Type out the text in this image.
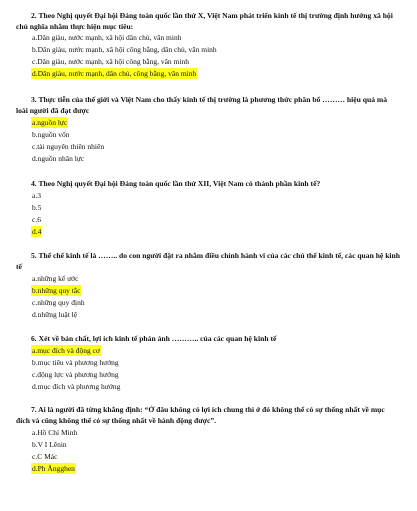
2. Theo Nghị quyết Đại hội Đảng toàn quốc lần thứ X, Việt Nam phát triển kinh tế thị trường định hướng xã hội chủ nghĩa nhằm thực hiện mục tiêu:
a.Dân giàu, nước mạnh, xã hội dân chủ, văn minh
b.Dân giàu, nước mạnh, xã hội công bằng, dân chủ, văn minh
c.Dân giàu, nước mạnh, xã hội công bằng, văn minh
d.Dân giàu, nước mạnh, dân chủ, công bằng, văn minh
3. Thực tiễn của thế giới và Việt Nam cho thấy kinh tế thị trường là phương thức phân bổ ……… hiệu quả mà loài người đã đạt được
a.nguồn lực
b.nguồn vốn
c.tài nguyên thiên nhiên
d.nguồn nhân lực
4. Theo Nghị quyết Đại hội Đảng toàn quốc lần thứ XII, Việt Nam có thành phần kinh tế?
a.3
b.5
c.6
d.4
5. Thể chế kinh tế là …….. do con người đặt ra nhằm điều chỉnh hành vi của các chủ thể kinh tế, các quan hệ kinh tế
a.những kế ước
b.những quy tắc
c.những quy định
d.những luật lệ
6. Xét về bản chất, lợi ích kinh tế phản ánh ……….. của các quan hệ kinh tế
a.mục đích và động cơ
b.mục tiêu và phương hướng
c.động lực và phương hướng
d.mục đích và phương hướng
7. Ai là người đã từng khẳng định: “Ở đâu không có lợi ích chung thì ở đó không thể có sự thống nhất về mục đích và cũng không thể có sự thống nhất về hành động được”.
a.Hồ Chí Minh
b.V I Lênin
c.C Mác
d.Ph Ăngghen
